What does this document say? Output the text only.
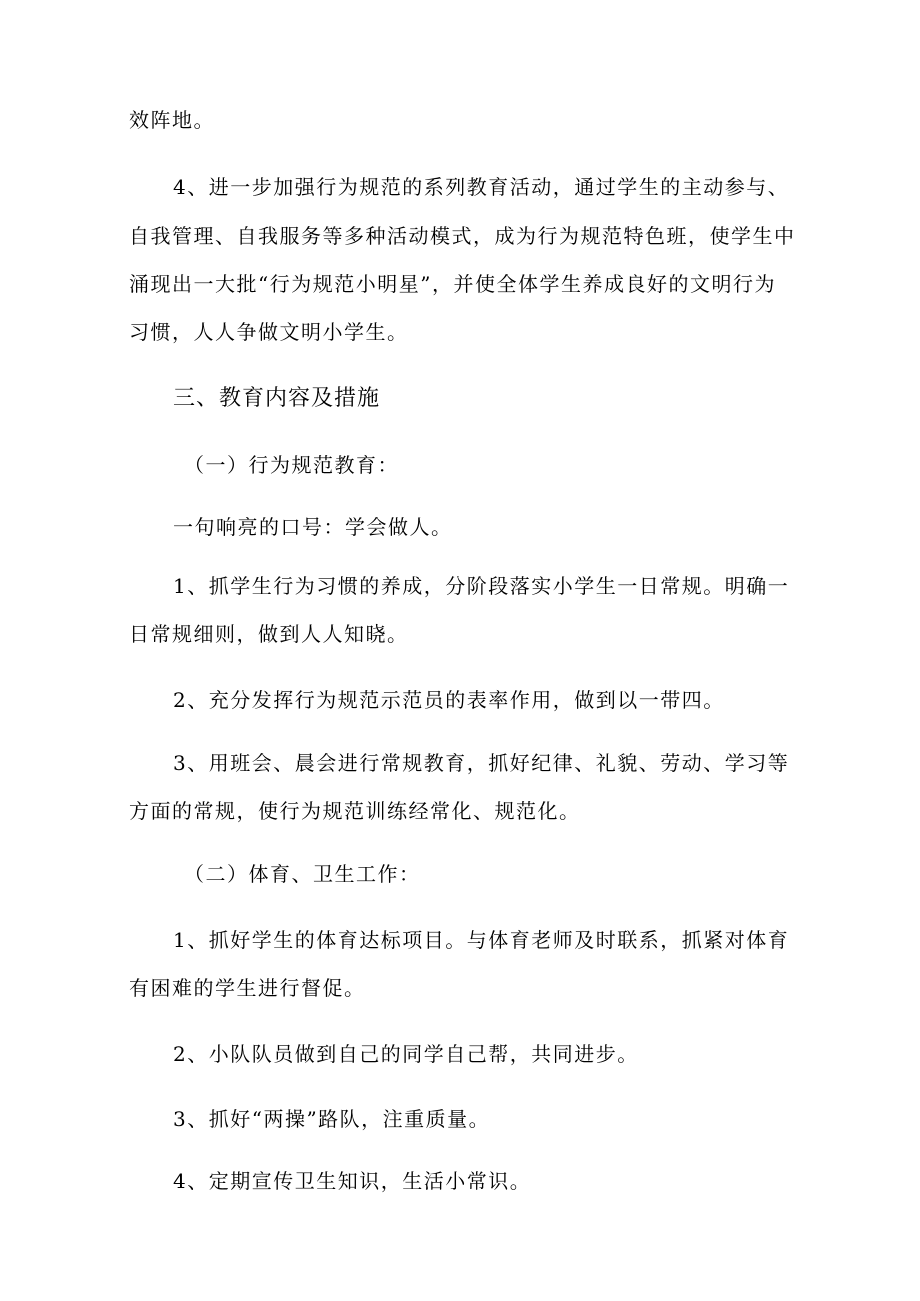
效阵地。
4、进一步加强行为规范的系列教育活动，通过学生的主动参与、
自我管理、自我服务等多种活动模式，成为行为规范特色班，使学生中
涌现出一大批“行为规范小明星”，并使全体学生养成良好的文明行为
习惯，人人争做文明小学生。
三、教育内容及措施
（一）行为规范教育：
一句响亮的口号：学会做人。
1、抓学生行为习惯的养成，分阶段落实小学生一日常规。明确一
日常规细则，做到人人知晓。
2、充分发挥行为规范示范员的表率作用，做到以一带四。
3、用班会、晨会进行常规教育，抓好纪律、礼貌、劳动、学习等
方面的常规，使行为规范训练经常化、规范化。
（二）体育、卫生工作：
1、抓好学生的体育达标项目。与体育老师及时联系，抓紧对体育
有困难的学生进行督促。
2、小队队员做到自己的同学自己帮，共同进步。
3、抓好“两操”路队，注重质量。
4、定期宣传卫生知识，生活小常识。
